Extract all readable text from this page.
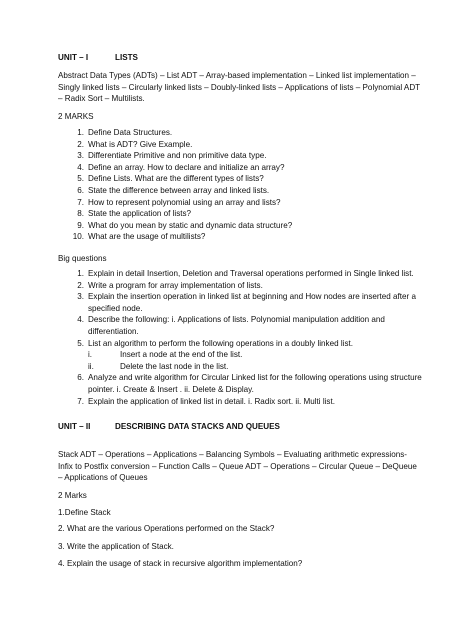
UNIT – I	LISTS
Abstract Data Types (ADTs) – List ADT – Array-based implementation – Linked list implementation – Singly linked lists – Circularly linked lists – Doubly-linked lists – Applications of lists – Polynomial ADT – Radix Sort – Multilists.
2 MARKS
1. Define Data Structures.
2. What is ADT? Give Example.
3. Differentiate Primitive and non primitive data type.
4. Define an array. How to declare and initialize an array?
5. Define Lists. What are the different types of lists?
6. State the difference between array and linked lists.
7. How to represent polynomial using an array and lists?
8. State the application of lists?
9. What do you mean by static and dynamic data structure?
10. What are the usage of multilists?
Big questions
1. Explain in detail Insertion, Deletion and Traversal operations performed in Single linked list.
2. Write a program for array implementation of lists.
3. Explain the insertion operation in linked list at beginning and How nodes are inserted after a specified node.
4. Describe the following: i. Applications of lists. Polynomial manipulation addition and differentiation.
5. List an algorithm to perform the following operations in a doubly linked list.
i.	Insert a node at the end of the list.
ii.	Delete the last node in the list.
6. Analyze and write algorithm for Circular Linked list for the following operations using structure pointer. i. Create & Insert . ii. Delete & Display.
7. Explain the application of linked list in detail. i. Radix sort. ii. Multi list.
UNIT – II	DESCRIBING DATA STACKS AND QUEUES
Stack ADT – Operations – Applications – Balancing Symbols – Evaluating arithmetic expressions- Infix to Postfix conversion – Function Calls – Queue ADT – Operations – Circular Queue – DeQueue – Applications of Queues
2 Marks
1.Define Stack
2. What are the various Operations performed on the Stack?
3. Write the application of Stack.
4. Explain the usage of stack in recursive algorithm implementation?
